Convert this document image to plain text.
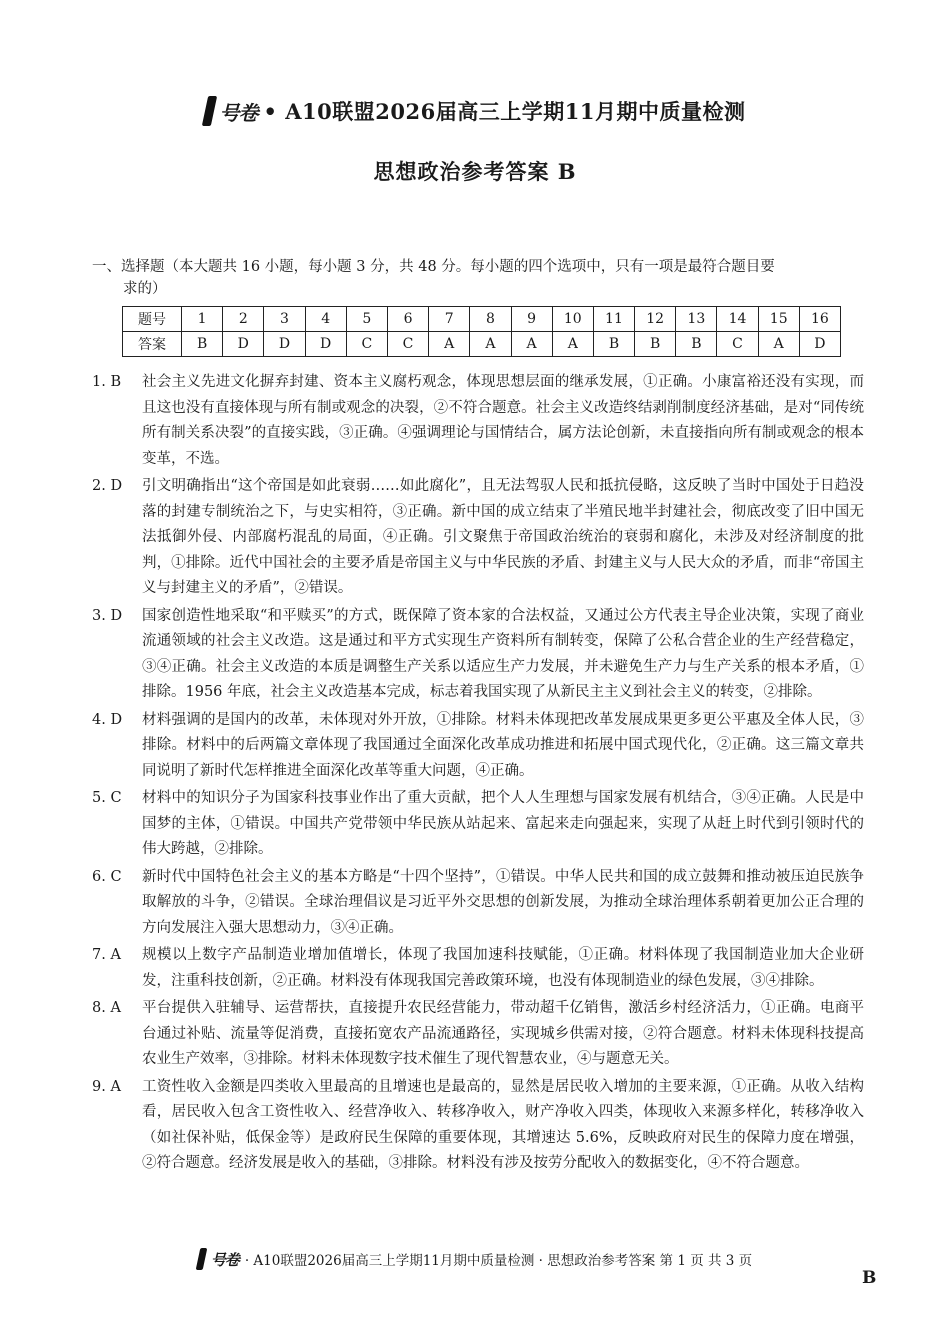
号卷 • A10联盟2026届高三上学期11月期中质量检测
思想政治参考答案 B
一、选择题（本大题共 16 小题，每小题 3 分，共 48 分。每小题的四个选项中，只有一项是最符合题目要
求的）
题号	1	2	3	4	5	6	7	8	9	10	11	12	13	14	15	16
答案	B	D	D	D	C	C	A	A	A	A	B	B	B	C	A	D
1. B	社会主义先进文化摒弃封建、资本主义腐朽观念，体现思想层面的继承发展，①正确。小康富裕还没有实现，而且这也没有直接体现与所有制或观念的决裂，②不符合题意。社会主义改造终结剥削制度经济基础，是对“同传统所有制关系决裂”的直接实践，③正确。④强调理论与国情结合，属方法论创新，未直接指向所有制或观念的根本变革，不选。
2. D	引文明确指出“这个帝国是如此衰弱……如此腐化”，且无法驾驭人民和抵抗侵略，这反映了当时中国处于日趋没落的封建专制统治之下，与史实相符，③正确。新中国的成立结束了半殖民地半封建社会，彻底改变了旧中国无法抵御外侵、内部腐朽混乱的局面，④正确。引文聚焦于帝国政治统治的衰弱和腐化，未涉及对经济制度的批判，①排除。近代中国社会的主要矛盾是帝国主义与中华民族的矛盾、封建主义与人民大众的矛盾，而非“帝国主义与封建主义的矛盾”，②错误。
3. D	国家创造性地采取“和平赎买”的方式，既保障了资本家的合法权益，又通过公方代表主导企业决策，实现了商业流通领域的社会主义改造。这是通过和平方式实现生产资料所有制转变，保障了公私合营企业的生产经营稳定，③④正确。社会主义改造的本质是调整生产关系以适应生产力发展，并未避免生产力与生产关系的根本矛盾，①排除。1956 年底，社会主义改造基本完成，标志着我国实现了从新民主主义到社会主义的转变，②排除。
4. D	材料强调的是国内的改革，未体现对外开放，①排除。材料未体现把改革发展成果更多更公平惠及全体人民，③排除。材料中的后两篇文章体现了我国通过全面深化改革成功推进和拓展中国式现代化，②正确。这三篇文章共同说明了新时代怎样推进全面深化改革等重大问题，④正确。
5. C	材料中的知识分子为国家科技事业作出了重大贡献，把个人人生理想与国家发展有机结合，③④正确。人民是中国梦的主体，①错误。中国共产党带领中华民族从站起来、富起来走向强起来，实现了从赶上时代到引领时代的伟大跨越，②排除。
6. C	新时代中国特色社会主义的基本方略是“十四个坚持”，①错误。中华人民共和国的成立鼓舞和推动被压迫民族争取解放的斗争，②错误。全球治理倡议是习近平外交思想的创新发展，为推动全球治理体系朝着更加公正合理的方向发展注入强大思想动力，③④正确。
7. A	规模以上数字产品制造业增加值增长，体现了我国加速科技赋能，①正确。材料体现了我国制造业加大企业研发，注重科技创新，②正确。材料没有体现我国完善政策环境，也没有体现制造业的绿色发展，③④排除。
8. A	平台提供入驻辅导、运营帮扶，直接提升农民经营能力，带动超千亿销售，激活乡村经济活力，①正确。电商平台通过补贴、流量等促消费，直接拓宽农产品流通路径，实现城乡供需对接，②符合题意。材料未体现科技提高农业生产效率，③排除。材料未体现数字技术催生了现代智慧农业，④与题意无关。
9. A	工资性收入金额是四类收入里最高的且增速也是最高的，显然是居民收入增加的主要来源，①正确。从收入结构看，居民收入包含工资性收入、经营净收入、转移净收入，财产净收入四类，体现收入来源多样化，转移净收入（如社保补贴，低保金等）是政府民生保障的重要体现，其增速达 5.6%，反映政府对民生的保障力度在增强，②符合题意。经济发展是收入的基础，③排除。材料没有涉及按劳分配收入的数据变化，④不符合题意。
号卷 · A10联盟2026届高三上学期11月期中质量检测 · 思想政治参考答案 第 1 页 共 3 页
B
